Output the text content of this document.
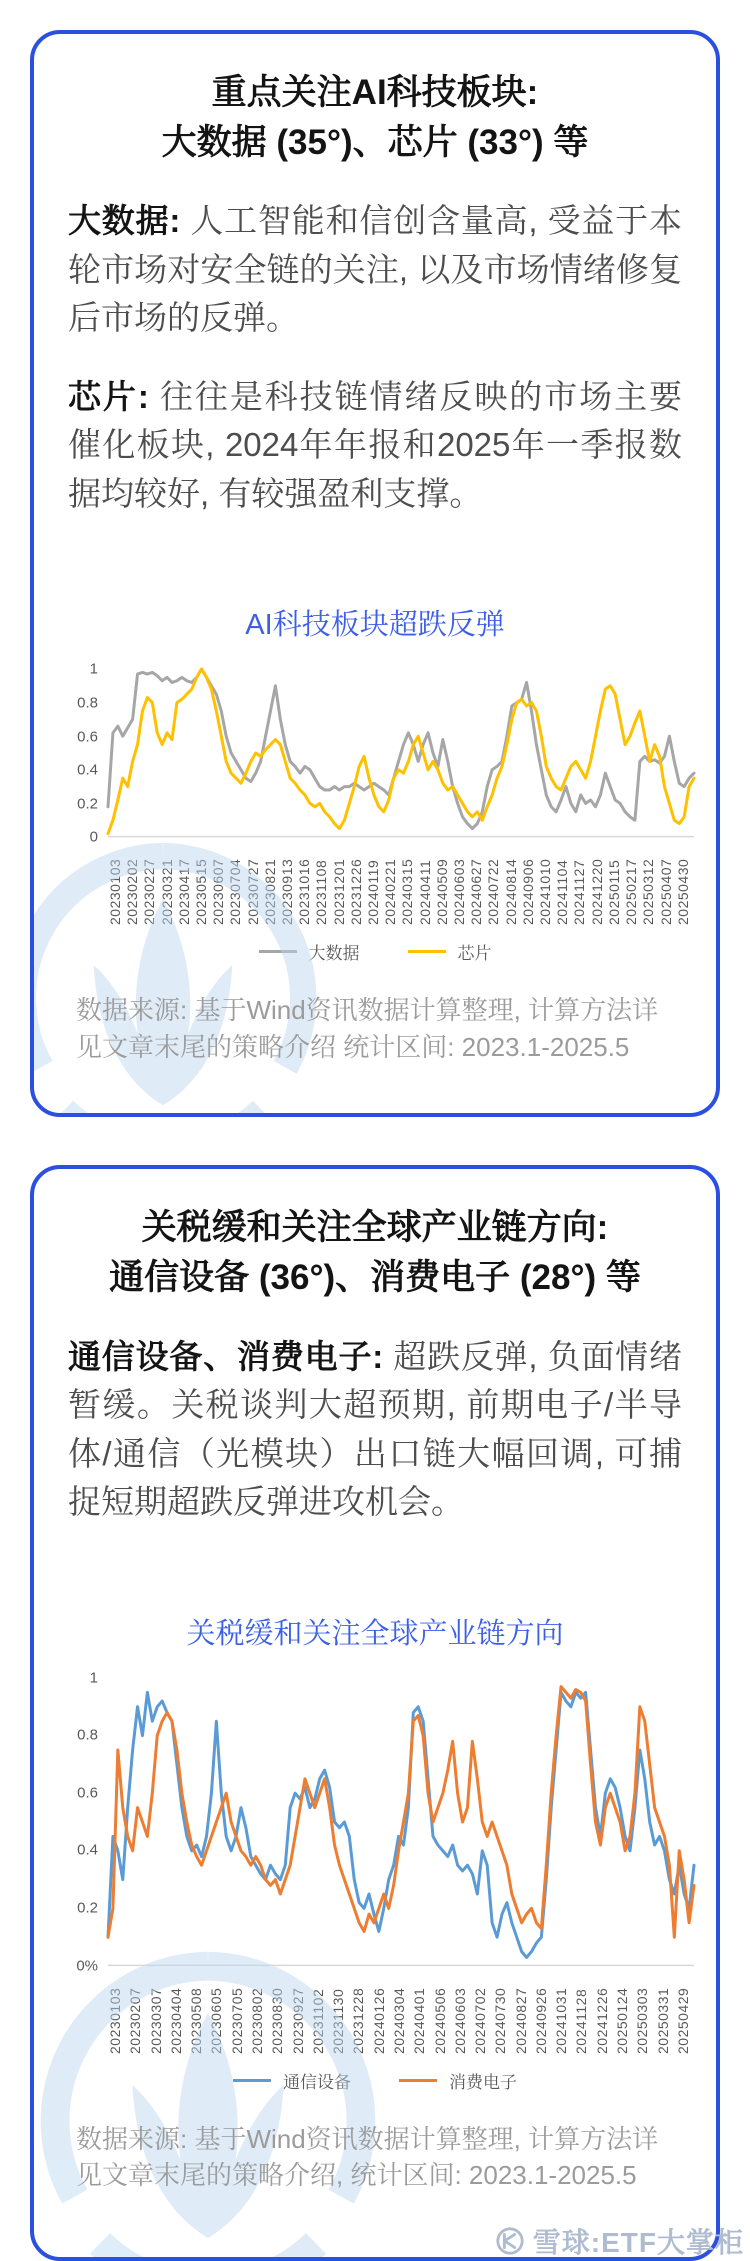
重点关注AI科技板块:
大数据 (35°)、芯片 (33°) 等

大数据: 人工智能和信创含量高, 受益于本轮市场对安全链的关注, 以及市场情绪修复后市场的反弹。

芯片: 往往是科技链情绪反映的市场主要催化板块, 2024年年报和2025年一季报数据均较好, 有较强盈利支撑。

AI科技板块超跌反弹
1
0.8
0.6
0.4
0.2
0
20230103 20230202 20230227 20230321 20230417 20230515 20230607 20230704 20230727 20230821 20230913 20231016 20231108 20231201 20231226 20240119 20240221 20240315 20240411 20240509 20240603 20240627 20240722 20240814 20240906 20241010 20241104 20241127 20241220 20250115 20250217 20250312 20250407 20250430
大数据	芯片

数据来源: 基于Wind资讯数据计算整理, 计算方法详见文章末尾的策略介绍 统计区间: 2023.1-2025.5

关税缓和关注全球产业链方向:
通信设备 (36°)、消费电子 (28°) 等

通信设备、消费电子: 超跌反弹, 负面情绪暂缓。关税谈判大超预期, 前期电子/半导体/通信（光模块）出口链大幅回调, 可捕捉短期超跌反弹进攻机会。

关税缓和关注全球产业链方向
1
0.8
0.6
0.4
0.2
0%
20230103 20230207 20230307 20230404 20230508 20230605 20230705 20230802 20230830 20230927 20231102 20231130 20231228 20240126 20240304 20240401 20240506 20240603 20240702 20240730 20240827 20240926 20241031 20241128 20241226 20250124 20250303 20250331 20250429
通信设备	消费电子

数据来源: 基于Wind资讯数据计算整理, 计算方法详见文章末尾的策略介绍, 统计区间: 2023.1-2025.5

雪球:ETF大掌柜
